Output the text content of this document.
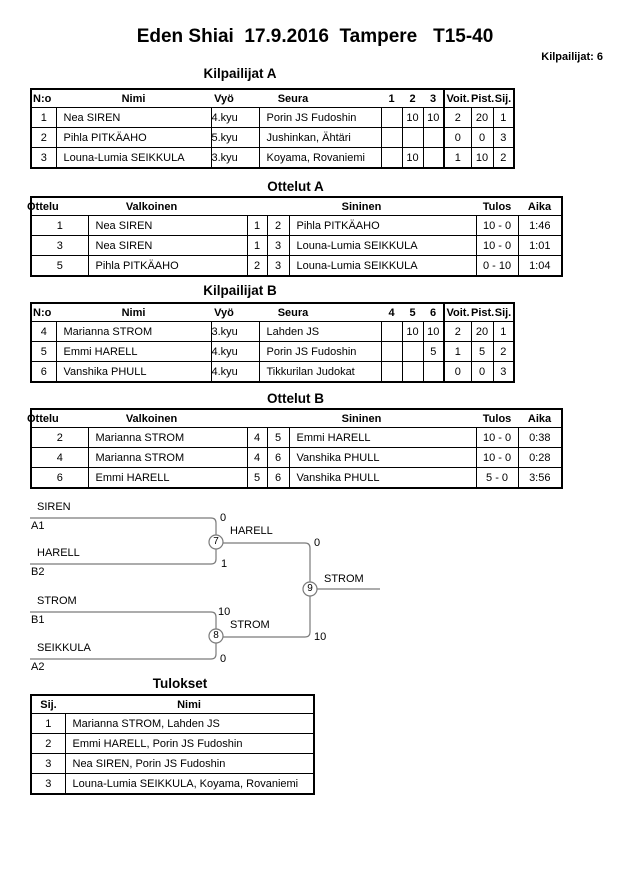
Eden Shiai  17.9.2016  Tampere   T15-40
Kilpailijat: 6
Kilpailijat A
N:o	Nimi	Vyö	Seura	1	2	3	Voit.	Pist.	Sij.
1	Nea SIREN	4.kyu	Porin JS Fudoshin		10	10	2	20	1
2	Pihla PITKÄAHO	5.kyu	Jushinkan, Ähtäri				0	0	3
3	Louna-Lumia SEIKKULA	3.kyu	Koyama, Rovaniemi		10		1	10	2
Ottelut A
Ottelu	Valkoinen	Sininen			Tulos	Aika
1	Nea SIREN	1	2	Pihla PITKÄAHO	10 - 0	1:46
3	Nea SIREN	1	3	Louna-Lumia SEIKKULA	10 - 0	1:01
5	Pihla PITKÄAHO	2	3	Louna-Lumia SEIKKULA	0 - 10	1:04
Kilpailijat B
N:o	Nimi	Vyö	Seura	4	5	6	Voit.	Pist.	Sij.
4	Marianna STROM	3.kyu	Lahden JS		10	10	2	20	1
5	Emmi HARELL	4.kyu	Porin JS Fudoshin			5	1	5	2
6	Vanshika PHULL	4.kyu	Tikkurilan Judokat				0	0	3
Ottelut B
Ottelu	Valkoinen	Sininen			Tulos	Aika
2	Marianna STROM	4	5	Emmi HARELL	10 - 0	0:38
4	Marianna STROM	4	6	Vanshika PHULL	10 - 0	0:28
6	Emmi HARELL	5	6	Vanshika PHULL	5 - 0	3:56
SIREN
A1
0
HARELL
B2
1
STROM
B1
10
SEIKKULA
A2
0
HARELL
0
STROM
10
STROM
7
8
9
Tulokset
Sij.	Nimi
1	Marianna STROM, Lahden JS
2	Emmi HARELL, Porin JS Fudoshin
3	Nea SIREN, Porin JS Fudoshin
3	Louna-Lumia SEIKKULA, Koyama, Rovaniemi
